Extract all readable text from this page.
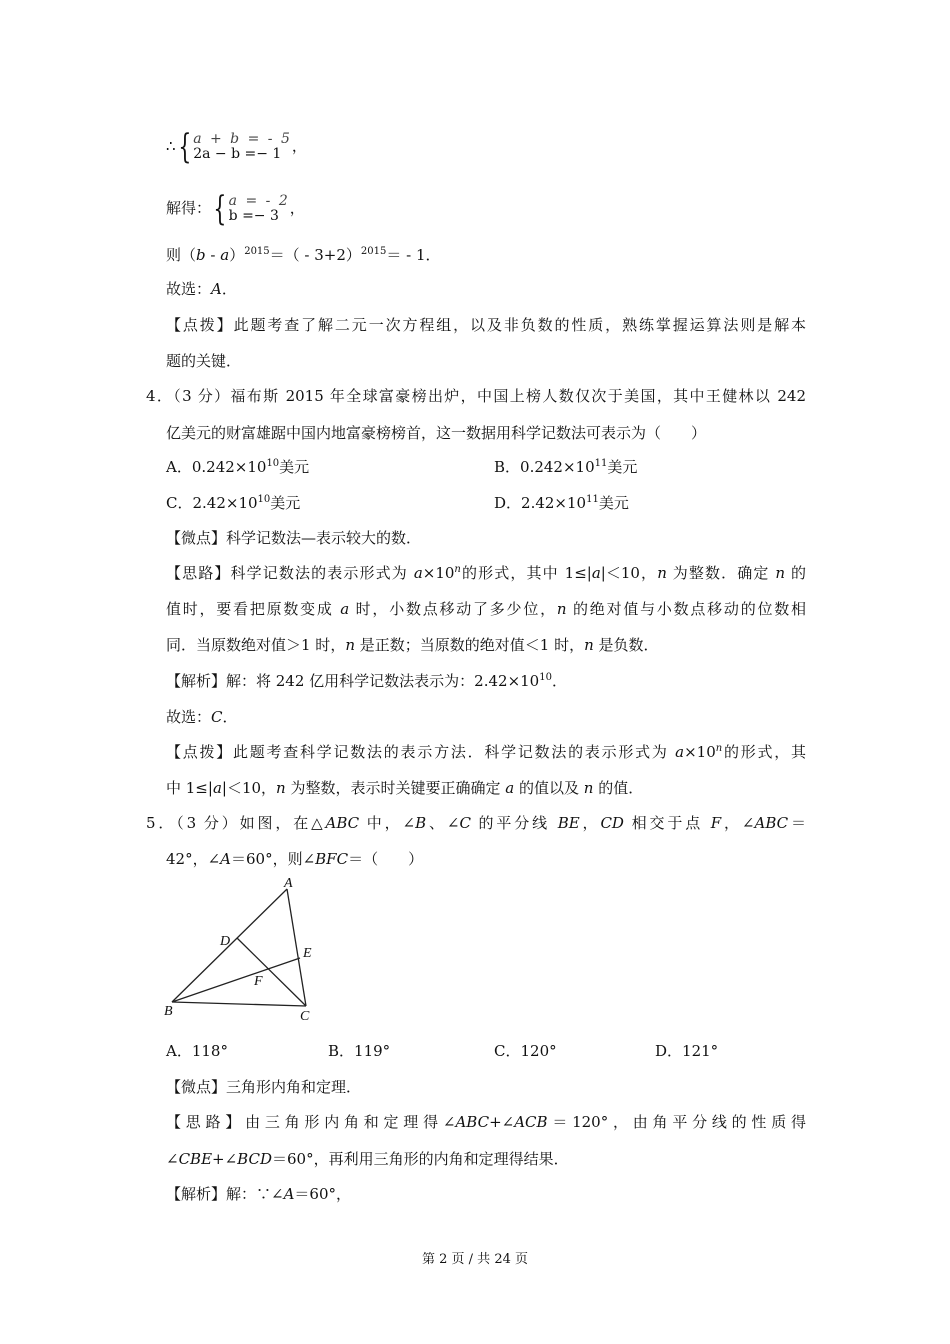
∴ { a + b = - 5
2a − b =− 1 ，
解得： { a = - 2
b =− 3 ，
则$(b - a)^{2015}=( - 3+2)^{2015}= - 1$．
故选：A．
【点拨】此题考查了解二元一次方程组，以及非负数的性质，熟练掌握运算法则是解本
题的关键．
4．（3 分）福布斯 2015 年全球富豪榜出炉，中国上榜人数仅次于美国，其中王健林以 242
亿美元的财富雄踞中国内地富豪榜榜首，这一数据用科学记数法可表示为（　　）
A．$0.242\times 10^{10}$美元	B．$0.242\times 10^{11}$美元
C．$2.42\times 10^{10}$美元	D．$2.42\times 10^{11}$美元
【微点】科学记数法—表示较大的数．
【思路】科学记数法的表示形式为 $a\times 10^n$的形式，其中 1≤|a|＜10，n 为整数．确定 n 的
值时，要看把原数变成 a 时，小数点移动了多少位，n 的绝对值与小数点移动的位数相
同．当原数绝对值＞1 时，n 是正数；当原数的绝对值＜1 时，n 是负数．
【解析】解：将 242 亿用科学记数法表示为：$2.42\times 10^{10}$．
故选：C．
【点拨】此题考查科学记数法的表示方法．科学记数法的表示形式为 $a\times 10^n$的形式，其
中 1≤|a|＜10，n 为整数，表示时关键要正确确定 a 的值以及 n 的值．
5．（3 分）如图，在△ABC 中，∠B、∠C 的平分线 BE，CD 相交于点 F，∠ABC＝
42°，∠A＝60°，则∠BFC＝（　　）
A
B	C
D
E
F
A．118°	B．119°	C．120°	D．121°
【微点】三角形内角和定理．
【思路】由三角形内角和定理得∠ABC+∠ACB＝120°，由角平分线的性质得
∠CBE+∠BCD＝60°，再利用三角形的内角和定理得结果．
【解析】解：∵∠A＝60°，
第 2 页 / 共 24 页
